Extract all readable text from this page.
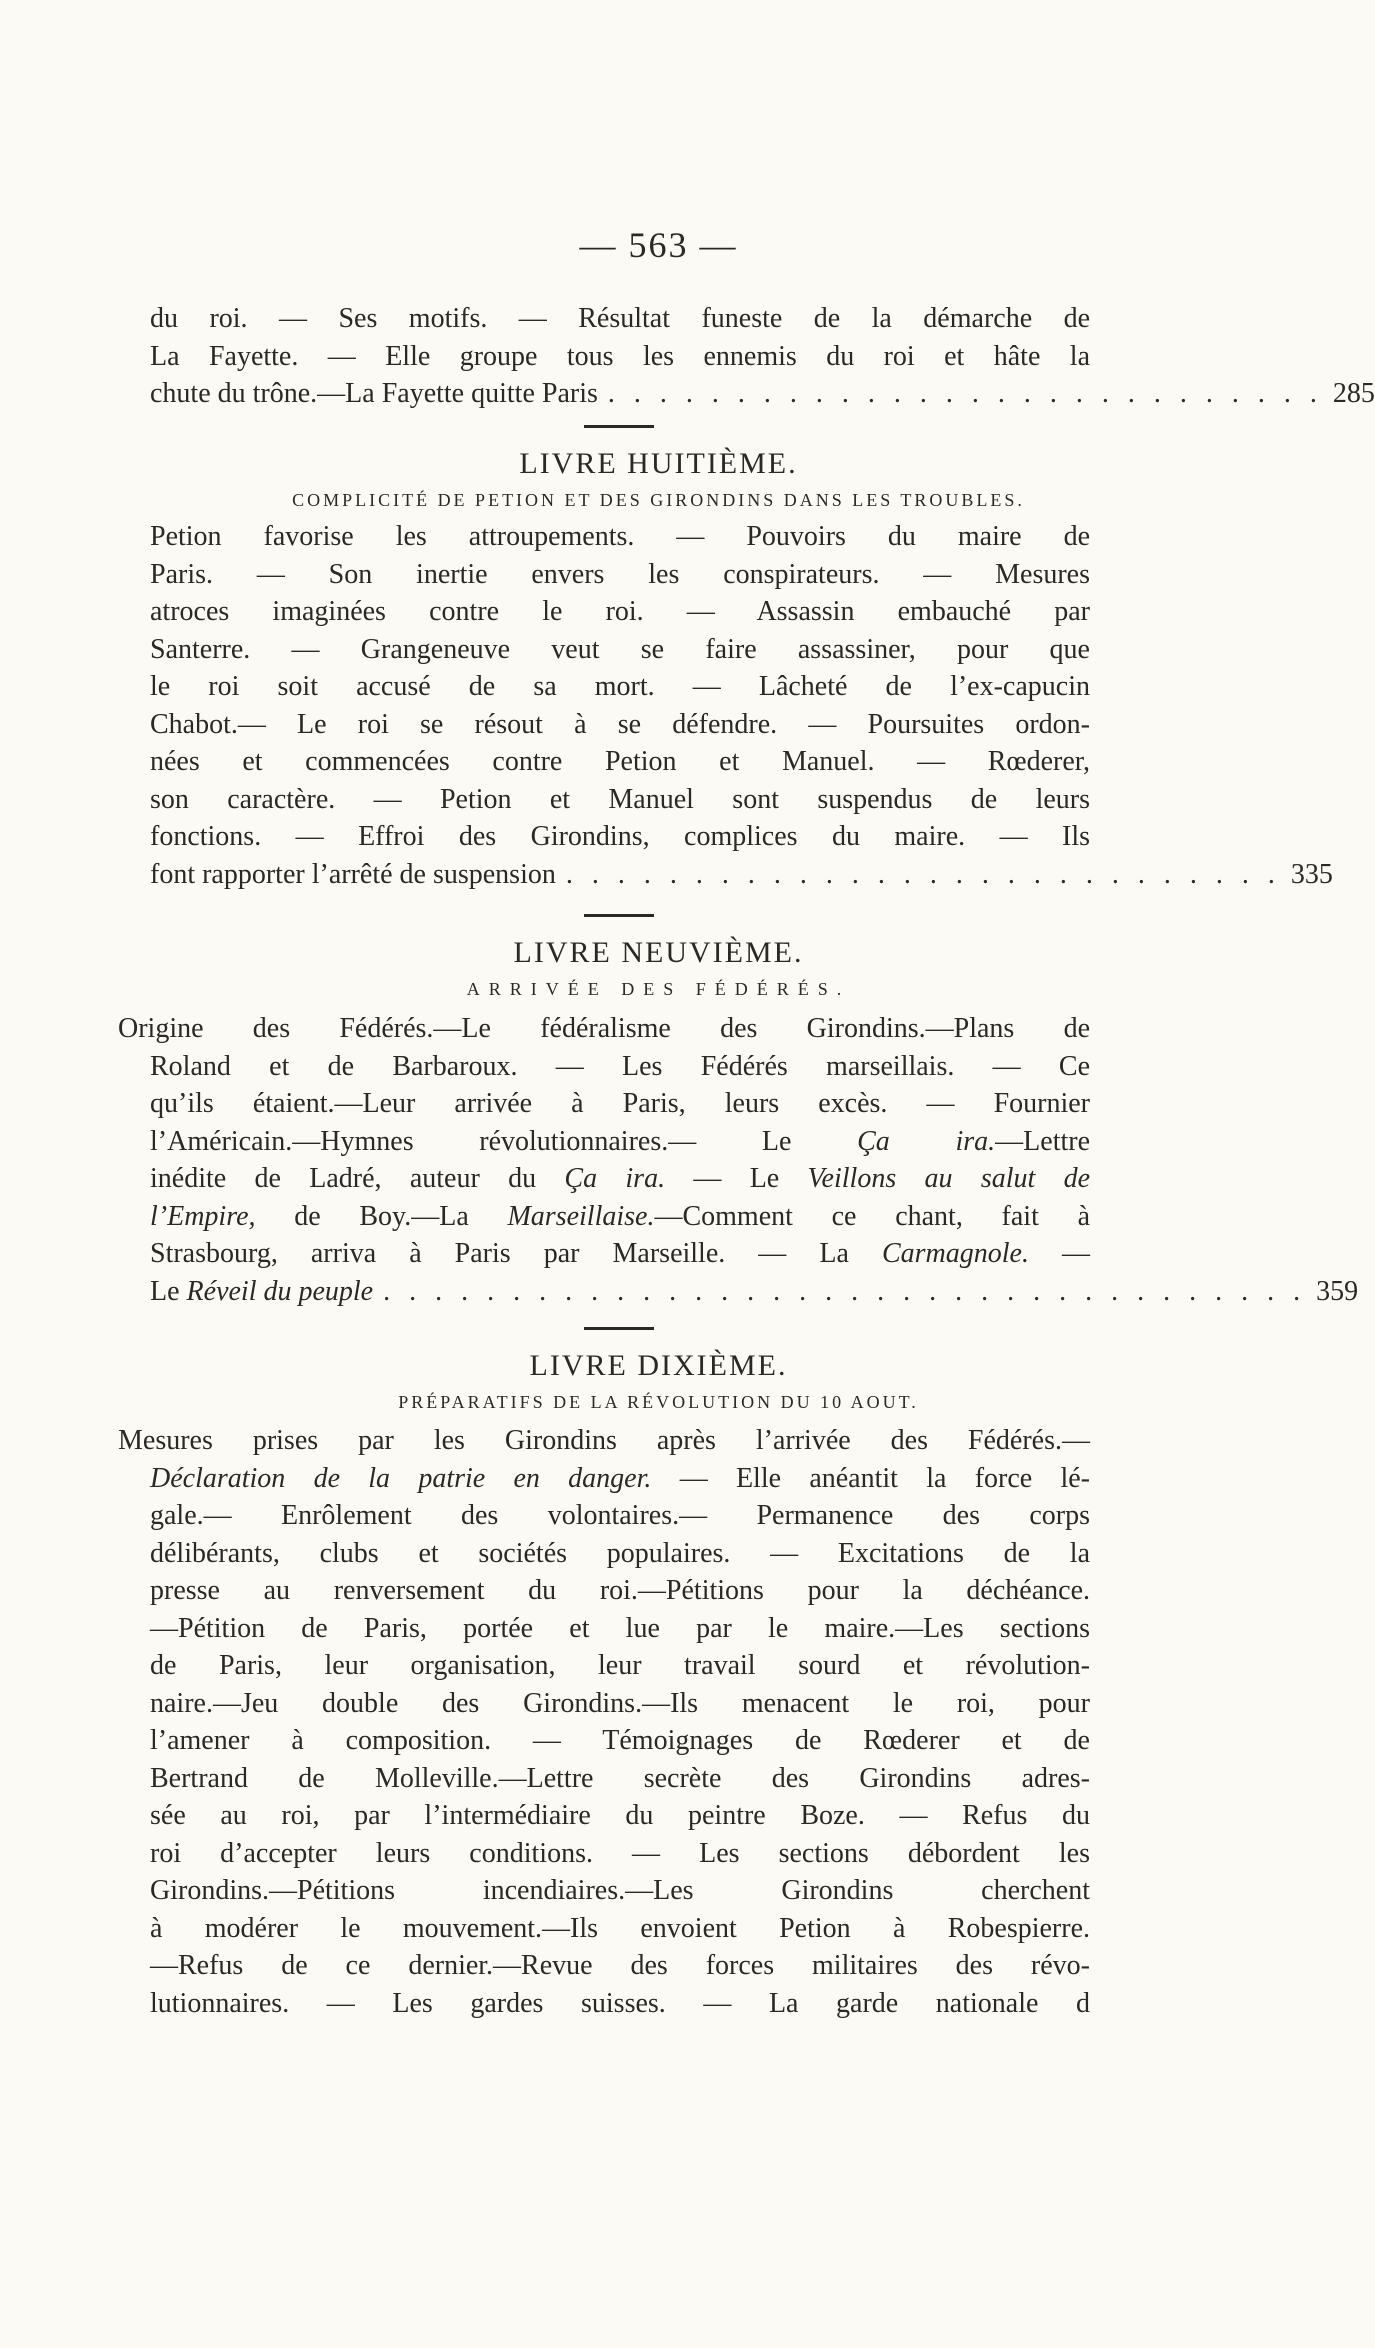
— 563 —
du roi. — Ses motifs. — Résultat funeste de la démarche de
La Fayette. — Elle groupe tous les ennemis du roi et hâte la
chute du trône.—La Fayette quitte Paris . . . . . . . . . . . . . . . . . . . . . . . . . . . . 285
LIVRE HUITIÈME.
COMPLICITÉ DE PETION ET DES GIRONDINS DANS LES TROUBLES.
Petion favorise les attroupements. — Pouvoirs du maire de
Paris. — Son inertie envers les conspirateurs. — Mesures
atroces imaginées contre le roi. — Assassin embauché par
Santerre. — Grangeneuve veut se faire assassiner, pour que
le roi soit accusé de sa mort. — Lâcheté de l’ex-capucin
Chabot.— Le roi se résout à se défendre. — Poursuites ordon-
nées et commencées contre Petion et Manuel. — Rœderer,
son caractère. — Petion et Manuel sont suspendus de leurs
fonctions. — Effroi des Girondins, complices du maire. — Ils
font rapporter l’arrêté de suspension . . . . . . . . . . . . . . . . . . . . . . . . . . . . 335
LIVRE NEUVIÈME.
ARRIVÉE DES FÉDÉRÉS.
Origine des Fédérés.—Le fédéralisme des Girondins.—Plans de
Roland et de Barbaroux. — Les Fédérés marseillais. — Ce
qu’ils étaient.—Leur arrivée à Paris, leurs excès. — Fournier
l’Américain.—Hymnes révolutionnaires.— Le Ça ira.—Lettre
inédite de Ladré, auteur du Ça ira. — Le Veillons au salut de
l’Empire, de Boy.—La Marseillaise.—Comment ce chant, fait à
Strasbourg, arriva à Paris par Marseille. — La Carmagnole. —
Le Réveil du peuple . . . . . . . . . . . . . . . . . . . . . . . . . . . . . . . . . . . . 359
LIVRE DIXIÈME.
PRÉPARATIFS DE LA RÉVOLUTION DU 10 AOUT.
Mesures prises par les Girondins après l’arrivée des Fédérés.—
Déclaration de la patrie en danger. — Elle anéantit la force lé-
gale.— Enrôlement des volontaires.— Permanence des corps
délibérants, clubs et sociétés populaires. — Excitations de la
presse au renversement du roi.—Pétitions pour la déchéance.
—Pétition de Paris, portée et lue par le maire.—Les sections
de Paris, leur organisation, leur travail sourd et révolution-
naire.—Jeu double des Girondins.—Ils menacent le roi, pour
l’amener à composition. — Témoignages de Rœderer et de
Bertrand de Molleville.—Lettre secrète des Girondins adres-
sée au roi, par l’intermédiaire du peintre Boze. — Refus du
roi d’accepter leurs conditions. — Les sections débordent les
Girondins.—Pétitions incendiaires.—Les Girondins cherchent
à modérer le mouvement.—Ils envoient Petion à Robespierre.
—Refus de ce dernier.—Revue des forces militaires des révo-
lutionnaires. — Les gardes suisses. — La garde nationale d
